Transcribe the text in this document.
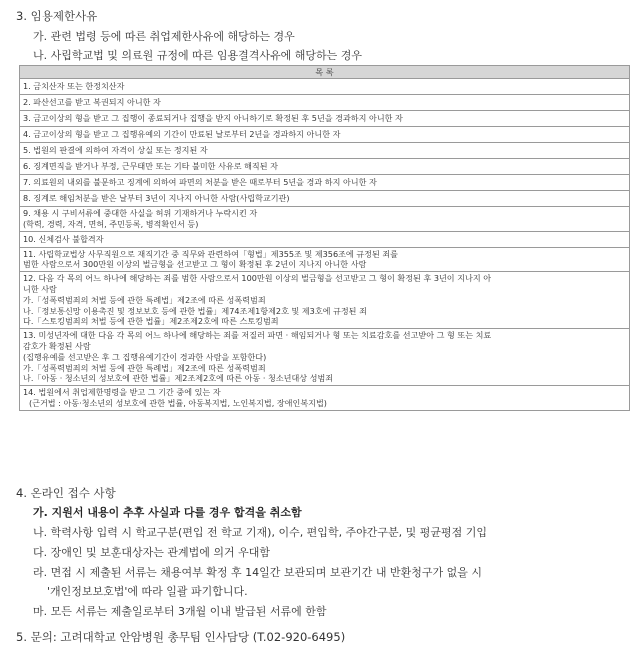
3. 임용제한사유
가. 관련 법령 등에 따른 취업제한사유에 해당하는 경우
나. 사립학교법 및 의료원 규정에 따른 임용결격사유에 해당하는 경우
목 록

1. 금치산자 또는 한정치산자

2. 파산선고를 받고 복권되지 아니한 자

3. 금고이상의 형을 받고 그 집행이 종료되거나 집행을 받지 아니하기로 확정된 후 5년을 경과하지 아니한 자

4. 금고이상의 형을 받고 그 집행유예의 기간이 만료된 날로부터 2년을 경과하지 아니한 자

5. 법원의 판결에 의하여 자격이 상실 또는 정지된 자

6. 징계면직을 받거나 부정, 근무태만 또는 기타 불미한 사유로 해직된 자

7. 의료원의 내외를 불문하고 징계에 의하여 파면의 처분을 받은 때로부터 5년을 경과 하지 아니한 자

8. 징계로 해임처분을 받은 날부터 3년이 지나지 아니한 사람(사립학교기관)

9. 채용 시 구비서류에 중대한 사실을 허위 기재하거나 누락시킨 자
(학력, 경력, 자격, 면허, 주민등록, 병적확인서 등)

10. 신체검사 불합격자

11. 사립학교법상 사무직원으로 재직기간 중 직무와 관련하여「형법」제355조 및 제356조에 규정된 죄를
범한 사람으로서 300만원 이상의 벌금형을 선고받고 그 형이 확정된 후 2년이 지나지 아니한 사람

12. 다음 각 목의 어느 하나에 해당하는 죄를 범한 사람으로서 100만원 이상의 벌금형을 선고받고 그 형이 확정된 후 3년이 지나지 아
니한 사람
가.「성폭력범죄의 처벌 등에 관한 특례법」제2조에 따른 성폭력범죄
나.「정보통신망 이용촉진 및 정보보호 등에 관한 법률」제74조제1항제2호 및 제3호에 규정된 죄
다.「스토킹범죄의 처벌 등에 관한 법률」제2조제2호에 따른 스토킹범죄

13. 미성년자에 대한 다음 각 목의 어느 하나에 해당하는 죄를 저질러 파면 · 해임되거나 형 또는 치료감호를 선고받아 그 형 또는 치료
감호가 확정된 사람
(집행유예를 선고받은 후 그 집행유예기간이 경과한 사람을 포함한다)
가.「성폭력범죄의 처벌 등에 관한 특례법」제2조에 따른 성폭력범죄
나.「아동 · 청소년의 성보호에 관한 법률」제2조제2호에 따른 아동 · 청소년대상 성범죄

14. 법원에서 취업제한명령을 받고 그 기간 중에 있는 자
(근거법 : 아동·청소년의 성보호에 관한 법률, 아동복지법, 노인복지법, 장애인복지법)
4. 온라인 접수 사항
가. 지원서 내용이 추후 사실과 다를 경우 합격을 취소함
나. 학력사항 입력 시 학교구분(편입 전 학교 기재), 이수, 편입학, 주야간구분, 및 평균평점 기입
다. 장애인 및 보훈대상자는 관계법에 의거 우대함
라. 면접 시 제출된 서류는 채용여부 확정 후 14일간 보관되며 보관기간 내 반환청구가 없을 시
'개인정보보호법'에 따라 일괄 파기합니다.
마. 모든 서류는 제출일로부터 3개월 이내 발급된 서류에 한함
5. 문의: 고려대학교 안암병원 총무팀 인사담당 (T.02-920-6495)
